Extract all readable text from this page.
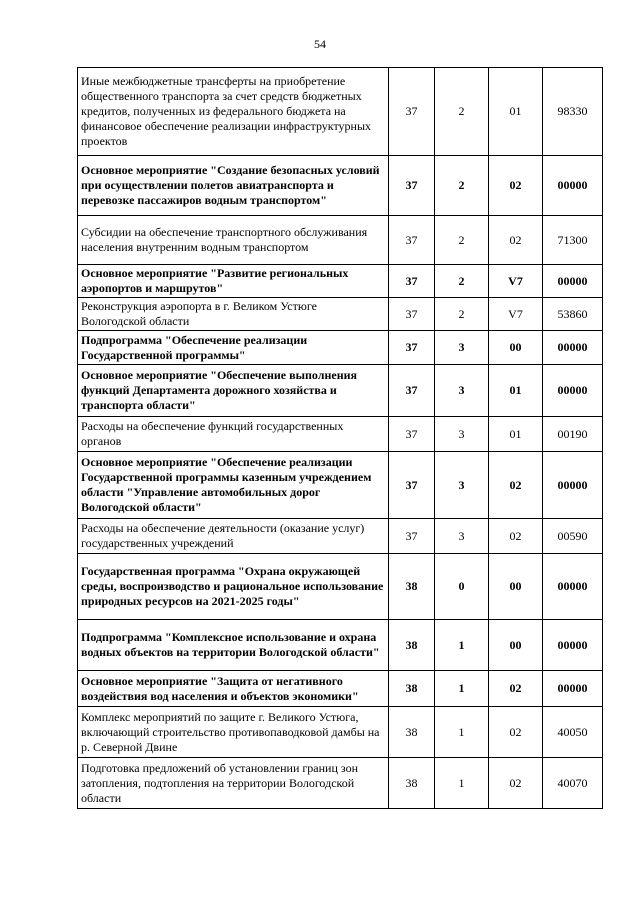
54
Иные межбюджетные трансферты на приобретение общественного транспорта за счет средств бюджетных кредитов, полученных из федерального бюджета на финансовое обеспечение реализации инфраструктурных проектов	37	2	01	98330
Основное мероприятие "Создание безопасных условий при осуществлении полетов авиатранспорта и перевозке пассажиров водным транспортом"	37	2	02	00000
Субсидии на обеспечение транспортного обслуживания населения внутренним водным транспортом	37	2	02	71300
Основное мероприятие "Развитие региональных аэропортов и маршрутов"	37	2	V7	00000
Реконструкция аэропорта в г. Великом Устюге Вологодской области	37	2	V7	53860
Подпрограмма "Обеспечение реализации Государственной программы"	37	3	00	00000
Основное мероприятие "Обеспечение выполнения функций Департамента дорожного хозяйства и транспорта области"	37	3	01	00000
Расходы на обеспечение функций государственных органов	37	3	01	00190
Основное мероприятие "Обеспечение реализации Государственной программы казенным учреждением области "Управление автомобильных дорог Вологодской области"	37	3	02	00000
Расходы на обеспечение деятельности (оказание услуг) государственных учреждений	37	3	02	00590
Государственная программа "Охрана окружающей среды, воспроизводство и рациональное использование природных ресурсов на 2021-2025 годы"	38	0	00	00000
Подпрограмма "Комплексное использование и охрана водных объектов на территории Вологодской области"	38	1	00	00000
Основное мероприятие "Защита от негативного воздействия вод населения и объектов экономики"	38	1	02	00000
Комплекс мероприятий по защите г. Великого Устюга, включающий строительство противопаводковой дамбы на р. Северной Двине	38	1	02	40050
Подготовка предложений об установлении границ зон затопления, подтопления на территории Вологодской области	38	1	02	40070
